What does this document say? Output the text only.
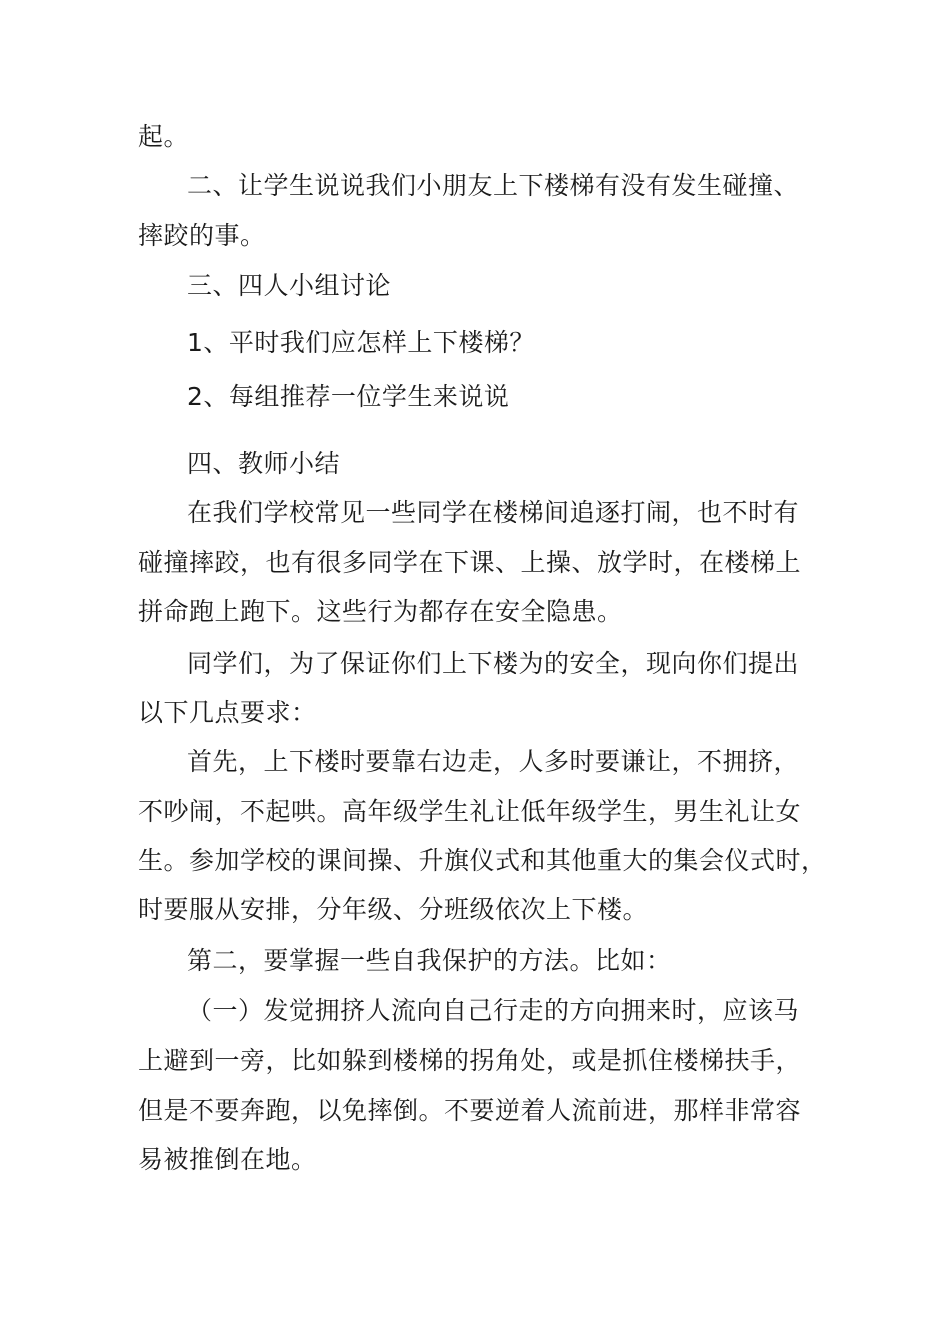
起。
二、让学生说说我们小朋友上下楼梯有没有发生碰撞、
摔跤的事。
三、四人小组讨论
1、平时我们应怎样上下楼梯？
2、每组推荐一位学生来说说
四、教师小结
在我们学校常见一些同学在楼梯间追逐打闹，也不时有
碰撞摔跤，也有很多同学在下课、上操、放学时，在楼梯上
拼命跑上跑下。这些行为都存在安全隐患。
同学们，为了保证你们上下楼为的安全，现向你们提出
以下几点要求：
首先，上下楼时要靠右边走，人多时要谦让，不拥挤，
不吵闹，不起哄。高年级学生礼让低年级学生，男生礼让女
生。参加学校的课间操、升旗仪式和其他重大的集会仪式时，
时要服从安排，分年级、分班级依次上下楼。
第二，要掌握一些自我保护的方法。比如：
（一）发觉拥挤人流向自己行走的方向拥来时，应该马
上避到一旁，比如躲到楼梯的拐角处，或是抓住楼梯扶手，
但是不要奔跑，以免摔倒。不要逆着人流前进，那样非常容
易被推倒在地。
